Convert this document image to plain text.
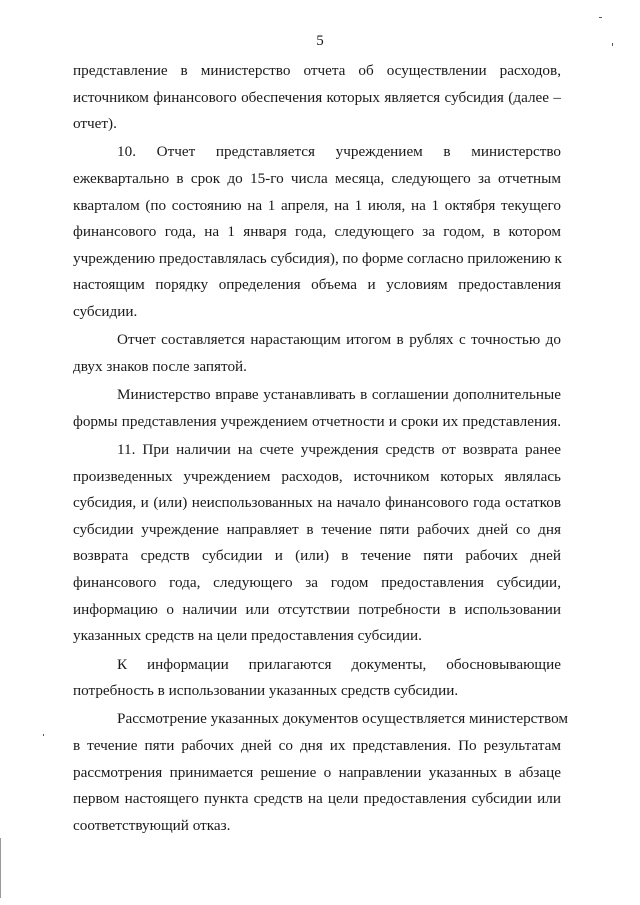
5
представление в министерство отчета об осуществлении расходов,
источником финансового обеспечения которых является субсидия (далее –
отчет).
10. Отчет представляется учреждением в министерство
ежеквартально в срок до 15-го числа месяца, следующего за отчетным
кварталом (по состоянию на 1 апреля, на 1 июля, на 1 октября текущего
финансового года, на 1 января года, следующего за годом, в котором
учреждению предоставлялась субсидия), по форме согласно приложению к
настоящим порядку определения объема и условиям предоставления
субсидии.
Отчет составляется нарастающим итогом в рублях с точностью до
двух знаков после запятой.
Министерство вправе устанавливать в соглашении дополнительные
формы представления учреждением отчетности и сроки их представления.
11. При наличии на счете учреждения средств от возврата ранее
произведенных учреждением расходов, источником которых являлась
субсидия, и (или) неиспользованных на начало финансового года остатков
субсидии учреждение направляет в течение пяти рабочих дней со дня
возврата средств субсидии и (или) в течение пяти рабочих дней
финансового года, следующего за годом предоставления субсидии,
информацию о наличии или отсутствии потребности в использовании
указанных средств на цели предоставления субсидии.
К информации прилагаются документы, обосновывающие
потребность в использовании указанных средств субсидии.
Рассмотрение указанных документов осуществляется министерством
в течение пяти рабочих дней со дня их представления. По результатам
рассмотрения принимается решение о направлении указанных в абзаце
первом настоящего пункта средств на цели предоставления субсидии или
соответствующий отказ.
